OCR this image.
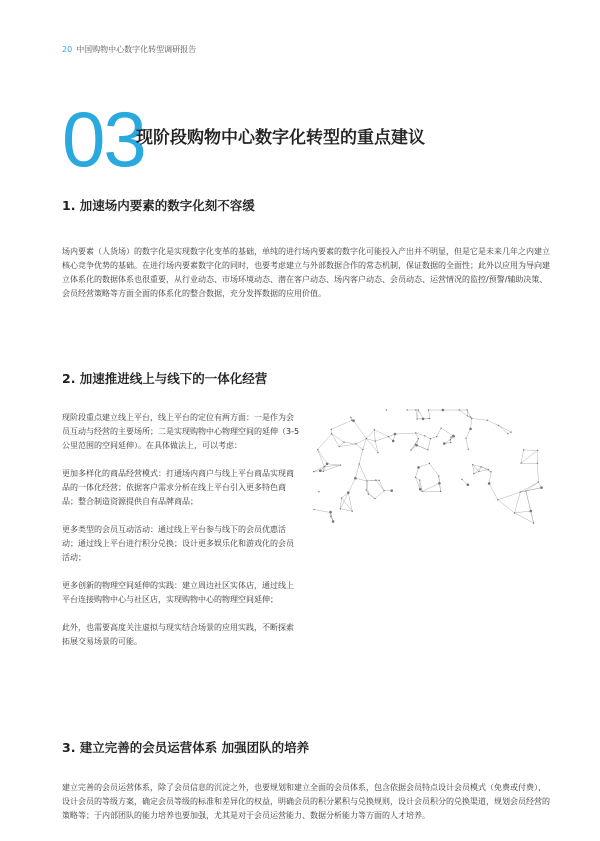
20 中国购物中心数字化转型调研报告
03
现阶段购物中心数字化转型的重点建议
1. 加速场内要素的数字化刻不容缓
场内要素（人货场）的数字化是实现数字化变革的基础，单纯的进行场内要素的数字化可能投入产出并不明显，但是它是未来几年之内建立
核心竞争优势的基础。在进行场内要素数字化的同时，也要考虑建立与外部数据合作的常态机制，保证数据的全面性；此外以应用为导向建
立体系化的数据体系也很重要，从行业动态、市场环境动态、潜在客户动态、场内客户动态、会员动态、运营情况的监控/预警/辅助决策、
会员经营策略等方面全面的体系化的整合数据，充分发挥数据的应用价值。
2. 加速推进线上与线下的一体化经营
现阶段重点建立线上平台，线上平台的定位有两方面：一是作为会
员互动与经营的主要场所；二是实现购物中心物理空间的延伸（3-5
公里范围的空间延伸）。在具体做法上，可以考虑：
更加多样化的商品经营模式：打通场内商户与线上平台商品实现商
品的一体化经营；依据客户需求分析在线上平台引入更多特色商
品；整合制造资源提供自有品牌商品；
更多类型的会员互动活动：通过线上平台参与线下的会员优惠活
动；通过线上平台进行积分兑换；设计更多娱乐化和游戏化的会员
活动；
更多创新的物理空间延伸的实践：建立周边社区实体店，通过线上
平台连接购物中心与社区店，实现购物中心的物理空间延伸；
此外，也需要高度关注虚拟与现实结合场景的应用实践，不断探索
拓展交易场景的可能。
3. 建立完善的会员运营体系 加强团队的培养
建立完善的会员运营体系，除了会员信息的沉淀之外，也要规划和建立全面的会员体系，包含依据会员特点设计会员模式（免费或付费），
设计会员的等级方案，确定会员等级的标准和差异化的权益，明确会员的积分累积与兑换规则，设计会员积分的兑换渠道，规划会员经营的
策略等；于内部团队的能力培养也要加强，尤其是对于会员运营能力、数据分析能力等方面的人才培养。
